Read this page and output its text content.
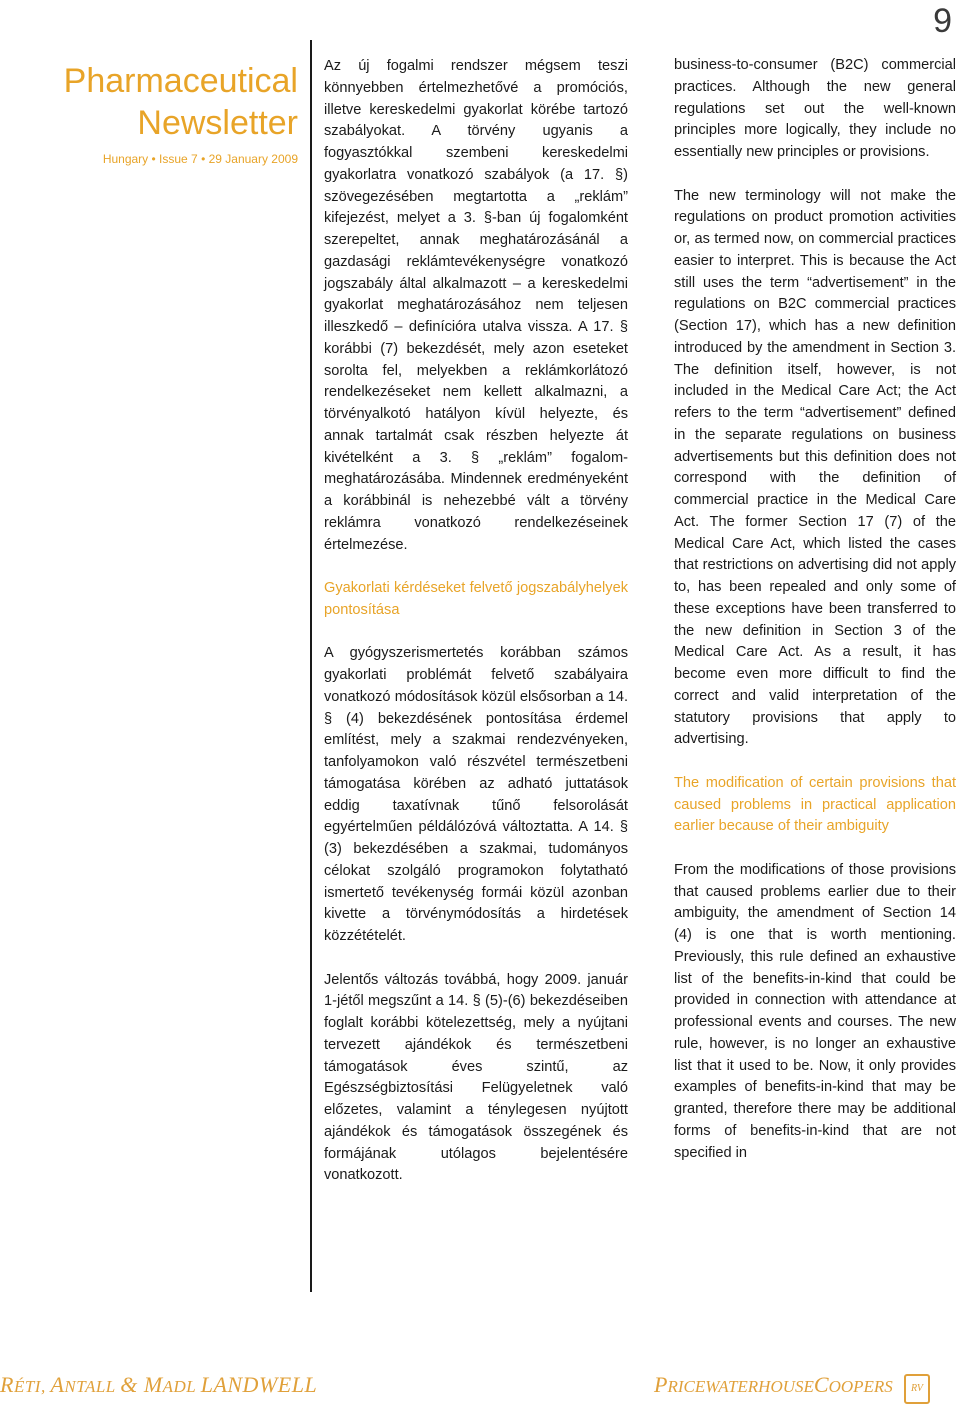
9
Pharmaceutical
Newsletter
Hungary • Issue 7 • 29 January 2009

Az új fogalmi rendszer mégsem teszi könnyebben értelmezhetővé a promóciós, illetve kereskedelmi gyakorlat körébe tartozó szabályokat. A törvény ugyanis a fogyasztókkal szembeni kereskedelmi gyakorlatra vonatkozó szabályok (a 17. §) szövegezésében megtartotta a „reklám” kifejezést, melyet a 3. §-ban új fogalomként szerepeltet, annak meghatározásánál a gazdasági reklámtevékenységre vonatkozó jogszabály által alkalmazott – a kereskedelmi gyakorlat meghatározásához nem teljesen illeszkedő – definícióra utalva vissza. A 17. § korábbi (7) bekezdését, mely azon eseteket sorolta fel, melyekben a reklámkorlátozó rendelkezéseket nem kellett alkalmazni, a törvényalkotó hatályon kívül helyezte, és annak tartalmát csak részben helyezte át kivételként a 3. § „reklám” fogalom-meghatározásába. Mindennek eredményeként a korábbinál is nehezebbé vált a törvény reklámra vonatkozó rendelkezéseinek értelmezése.

Gyakorlati kérdéseket felvető jogszabályhelyek pontosítása

A gyógyszerismertetés korábban számos gyakorlati problémát felvető szabályaira vonatkozó módosítások közül elsősorban a 14. § (4) bekezdésének pontosítása érdemel említést, mely a szakmai rendezvényeken, tanfolyamokon való részvétel természetbeni támogatása körében az adható juttatások eddig taxatívnak tűnő felsorolását egyértelműen példálózóvá változtatta. A 14. § (3) bekezdésében a szakmai, tudományos célokat szolgáló programokon folytatható ismertető tevékenység formái közül azonban kivette a törvénymódosítás a hirdetések közzétételét.

Jelentős változás továbbá, hogy 2009. január 1-jétől megszűnt a 14. § (5)-(6) bekezdéseiben foglalt korábbi kötelezettség, mely a nyújtani tervezett ajándékok és természetbeni támogatások éves szintű, az Egészségbiztosítási Felügyeletnek való előzetes, valamint a ténylegesen nyújtott ajándékok és támogatások összegének és formájának utólagos bejelentésére vonatkozott.

business-to-consumer (B2C) commercial practices. Although the new general regulations set out the well-known principles more logically, they include no essentially new principles or provisions.

The new terminology will not make the regulations on product promotion activities or, as termed now, on commercial practices easier to interpret. This is because the Act still uses the term “advertisement” in the regulations on B2C commercial practices (Section 17), which has a new definition introduced by the amendment in Section 3. The definition itself, however, is not included in the Medical Care Act; the Act refers to the term “advertisement” defined in the separate regulations on business advertisements but this definition does not correspond with the definition of commercial practice in the Medical Care Act. The former Section 17 (7) of the Medical Care Act, which listed the cases that restrictions on advertising did not apply to, has been repealed and only some of these exceptions have been transferred to the new definition in Section 3 of the Medical Care Act. As a result, it has become even more difficult to find the correct and valid interpretation of the statutory provisions that apply to advertising.

The modification of certain provisions that caused problems in practical application earlier because of their ambiguity

From the modifications of those provisions that caused problems earlier due to their ambiguity, the amendment of Section 14 (4) is one that is worth mentioning. Previously, this rule defined an exhaustive list of the benefits-in-kind that could be provided in connection with attendance at professional events and courses. The new rule, however, is no longer an exhaustive list that it used to be. Now, it only provides examples of benefits-in-kind that may be granted, therefore there may be additional forms of benefits-in-kind that are not specified in

RÉTI, ANTALL & MADL LANDWELL	PRICEWATERHOUSECOOPERS	RV
